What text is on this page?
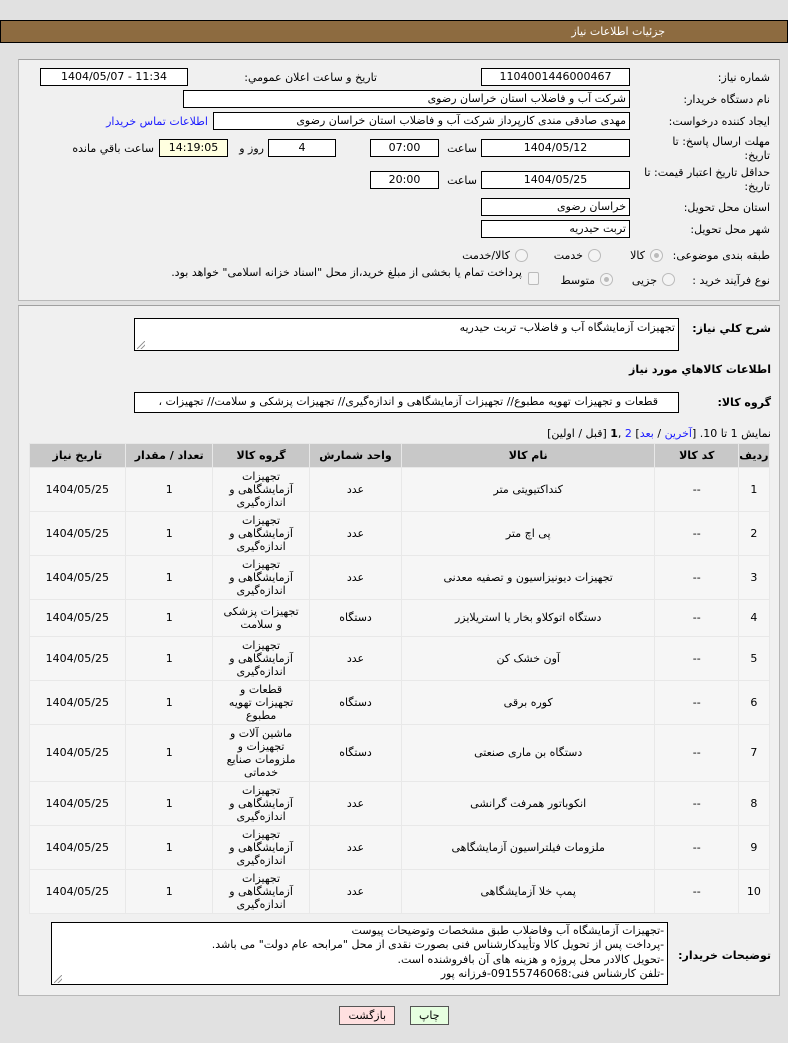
جزئیات اطلاعات نیاز
شماره نیاز:
1104001446000467
تاریخ و ساعت اعلان عمومي:
1404/05/07 - 11:34
نام دستگاه خریدار:
شرکت آب و فاضلاب استان خراسان رضوی
ایجاد کننده درخواست:
مهدی صادقی مندی کارپرداز شرکت آب و فاضلاب استان خراسان رضوی
اطلاعات تماس خریدار
مهلت ارسال پاسخ: تا تاریخ:
1404/05/12
ساعت
07:00
4
روز و
14:19:05
ساعت باقي مانده
حداقل تاریخ اعتبار قیمت: تا تاریخ:
1404/05/25
ساعت
20:00
استان محل تحویل:
خراسان رضوی
شهر محل تحویل:
تربت حیدریه
طبقه بندی موضوعی:
کالا
خدمت
کالا/خدمت
نوع فرآیند خرید :
جزیی
متوسط
پرداخت تمام یا بخشی از مبلغ خرید،از محل "اسناد خزانه اسلامی" خواهد بود.
شرح کلي نیاز:
تجهیزات آزمایشگاه آب و فاضلاب- تربت حیدریه
اطلاعات کالاهاي مورد نیاز
گروه کالا:
قطعات و تجهیزات تهویه مطبوع// تجهیزات آزمایشگاهی و اندازه‌گیری// تجهیزات پزشکی و سلامت// تجهیزات ،
نمایش 1 تا 10. [آخرین / بعد] 2 ,1 [قبل / اولین]
ردیف	کد کالا	نام کالا	واحد شمارش	گروه کالا	تعداد / مقدار	تاریخ نیاز
1	--	کنداکتیویتی متر	عدد	تجهیزات آزمایشگاهی و اندازه‌گیری	1	1404/05/25
2	--	پی اچ متر	عدد	تجهیزات آزمایشگاهی و اندازه‌گیری	1	1404/05/25
3	--	تجهیزات دیونیزاسیون و تصفیه معدنی	عدد	تجهیزات آزمایشگاهی و اندازه‌گیری	1	1404/05/25
4	--	دستگاه اتوکلاو بخار یا استریلایزر	دستگاه	تجهیزات پزشکی و سلامت	1	1404/05/25
5	--	آون خشک کن	عدد	تجهیزات آزمایشگاهی و اندازه‌گیری	1	1404/05/25
6	--	کوره برقی	دستگاه	قطعات و تجهیزات تهویه مطبوع	1	1404/05/25
7	--	دستگاه بن ماری صنعتی	دستگاه	ماشین آلات و تجهیزات و ملزومات صنایع خدماتی	1	1404/05/25
8	--	انکوباتور همرفت گرانشی	عدد	تجهیزات آزمایشگاهی و اندازه‌گیری	1	1404/05/25
9	--	ملزومات فیلتراسیون آزمایشگاهی	عدد	تجهیزات آزمایشگاهی و اندازه‌گیری	1	1404/05/25
10	--	پمپ خلا آزمایشگاهی	عدد	تجهیزات آزمایشگاهی و اندازه‌گیری	1	1404/05/25
توضیحات خریدار:
-تجهیزات آزمایشگاه آب وفاضلاب طبق مشخصات وتوضیحات پیوست
-پرداخت پس از تحویل کالا وتأییدکارشناس فنی بصورت نقدی از محل "مرابحه عام دولت" می باشد.
-تحویل کالادر محل پروژه و هزینه های آن بافروشنده است.
-تلفن کارشناس فنی:09155746068-فرزانه پور
چاپ
بازگشت
